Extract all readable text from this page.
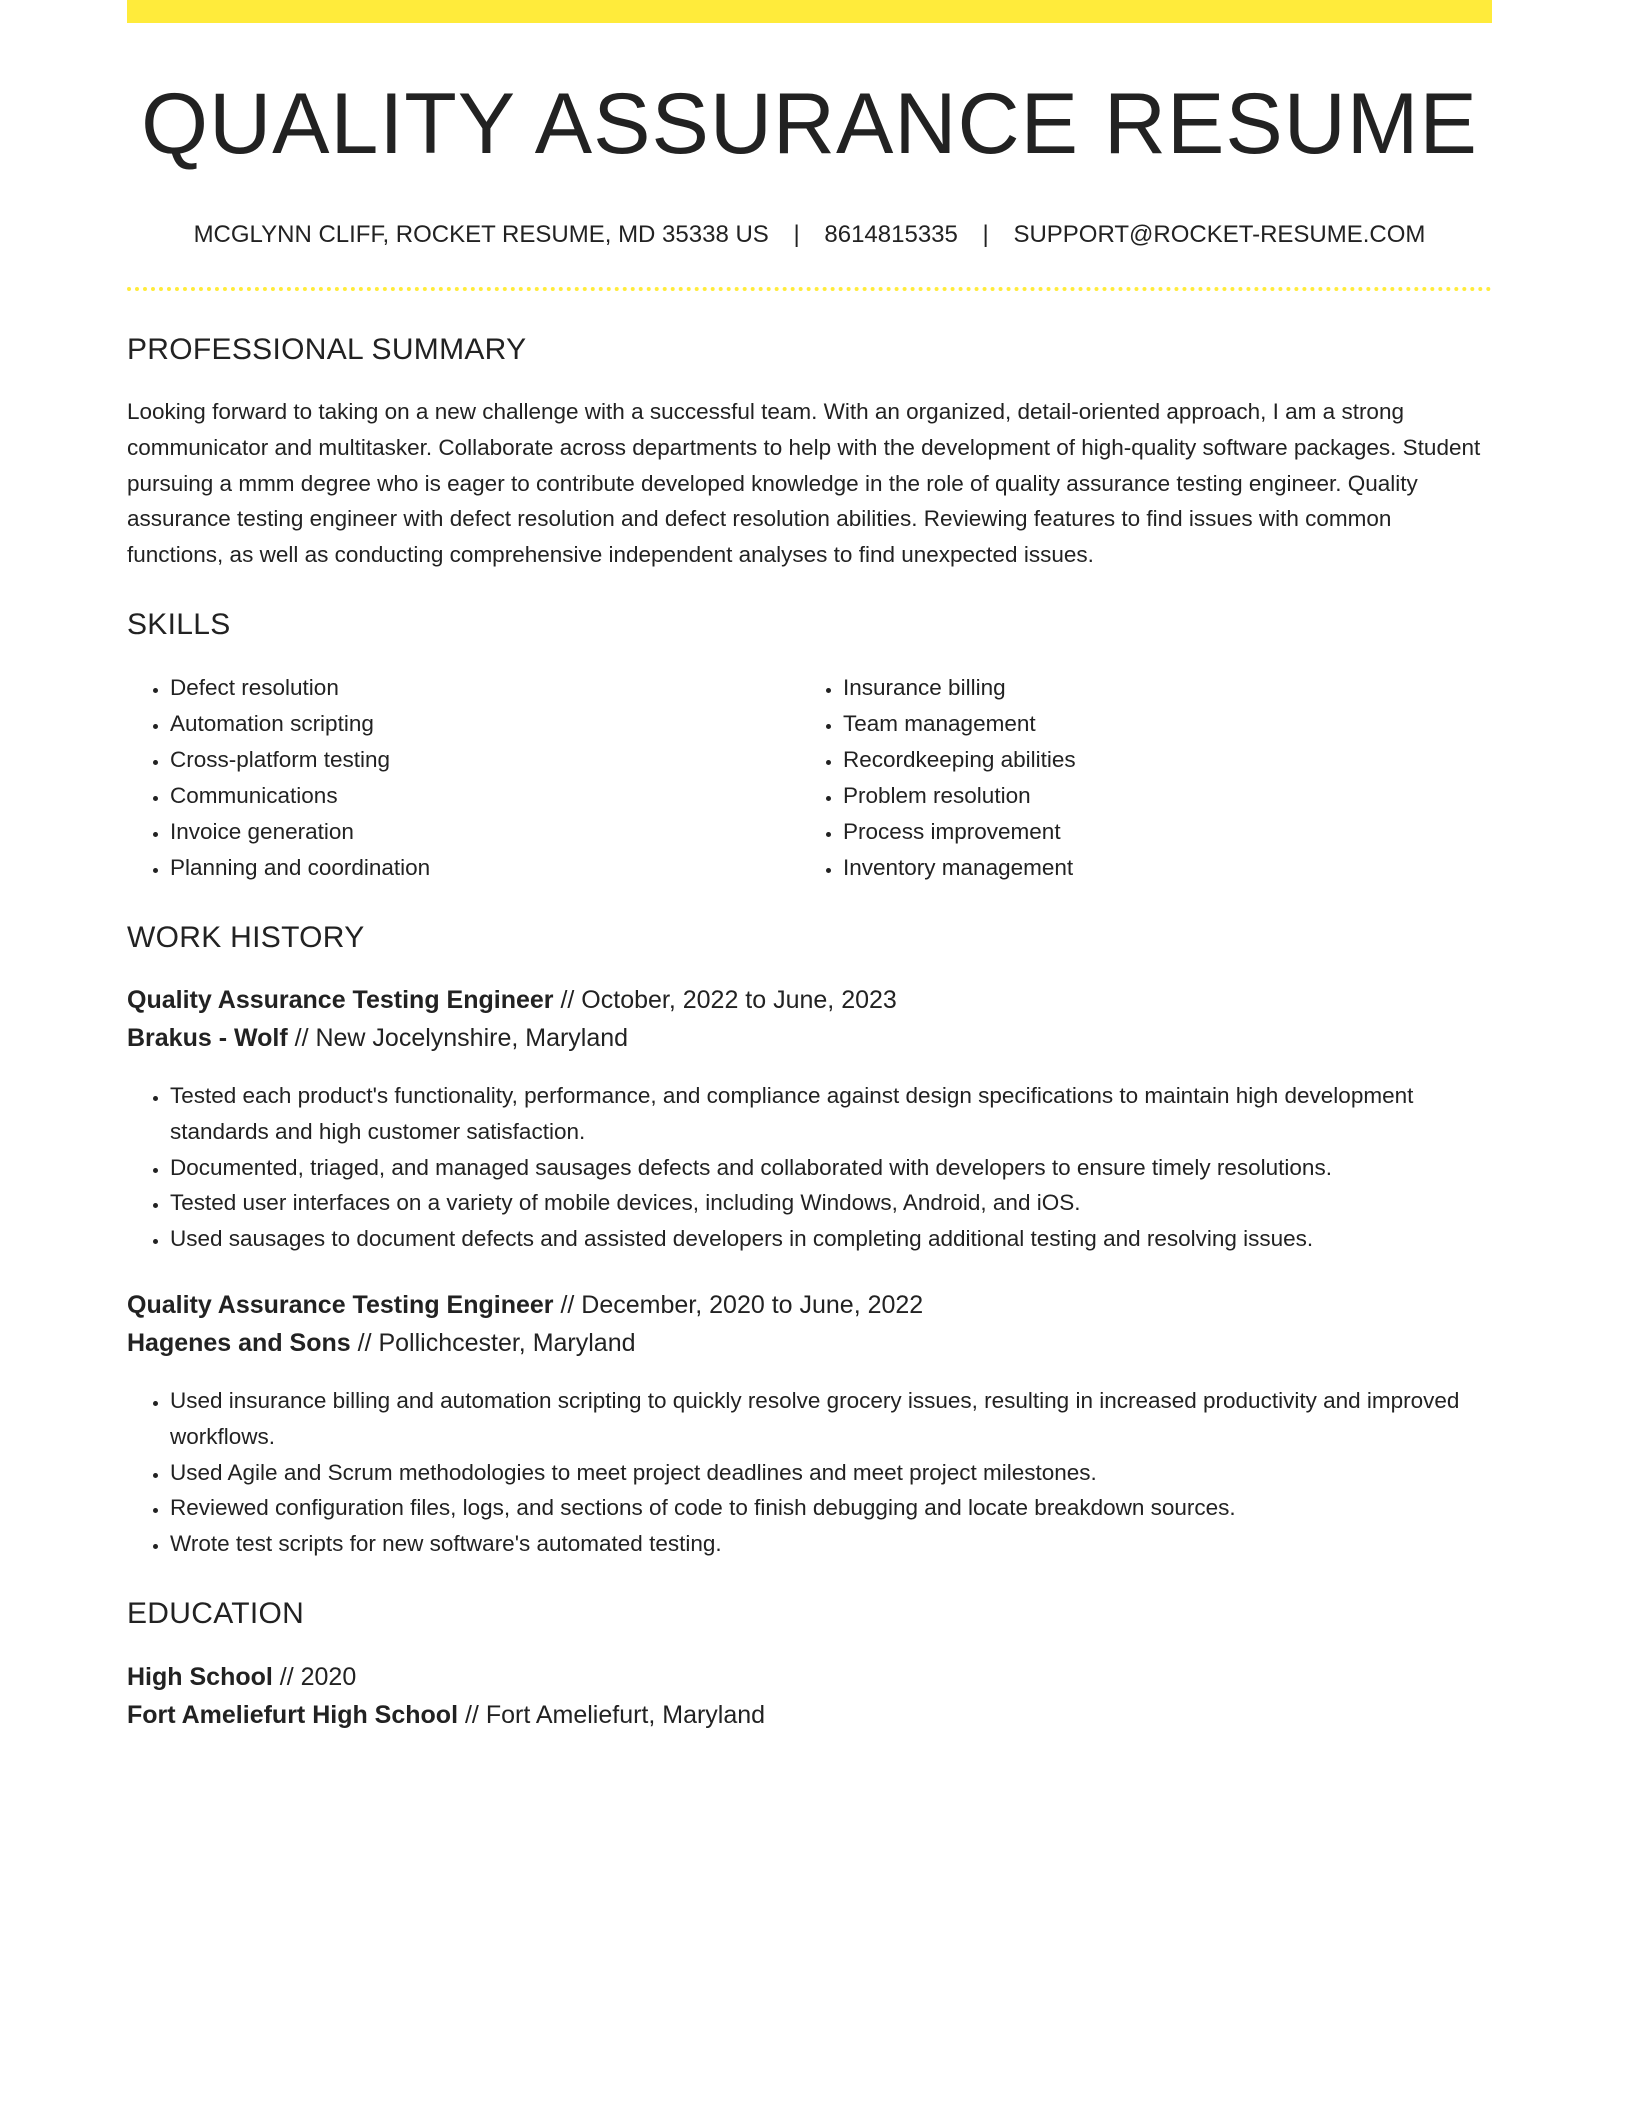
QUALITY ASSURANCE RESUME
MCGLYNN CLIFF, ROCKET RESUME, MD 35338 US | 8614815335 | SUPPORT@ROCKET-RESUME.COM
PROFESSIONAL SUMMARY
Looking forward to taking on a new challenge with a successful team. With an organized, detail-oriented approach, I am a strong communicator and multitasker. Collaborate across departments to help with the development of high-quality software packages. Student pursuing a mmm degree who is eager to contribute developed knowledge in the role of quality assurance testing engineer. Quality assurance testing engineer with defect resolution and defect resolution abilities. Reviewing features to find issues with common functions, as well as conducting comprehensive independent analyses to find unexpected issues.
SKILLS
• Defect resolution
• Automation scripting
• Cross-platform testing
• Communications
• Invoice generation
• Planning and coordination
• Insurance billing
• Team management
• Recordkeeping abilities
• Problem resolution
• Process improvement
• Inventory management
WORK HISTORY
Quality Assurance Testing Engineer // October, 2022 to June, 2023
Brakus - Wolf // New Jocelynshire, Maryland
• Tested each product's functionality, performance, and compliance against design specifications to maintain high development standards and high customer satisfaction.
• Documented, triaged, and managed sausages defects and collaborated with developers to ensure timely resolutions.
• Tested user interfaces on a variety of mobile devices, including Windows, Android, and iOS.
• Used sausages to document defects and assisted developers in completing additional testing and resolving issues.
Quality Assurance Testing Engineer // December, 2020 to June, 2022
Hagenes and Sons // Pollichcester, Maryland
• Used insurance billing and automation scripting to quickly resolve grocery issues, resulting in increased productivity and improved workflows.
• Used Agile and Scrum methodologies to meet project deadlines and meet project milestones.
• Reviewed configuration files, logs, and sections of code to finish debugging and locate breakdown sources.
• Wrote test scripts for new software's automated testing.
EDUCATION
High School // 2020
Fort Ameliefurt High School // Fort Ameliefurt, Maryland
